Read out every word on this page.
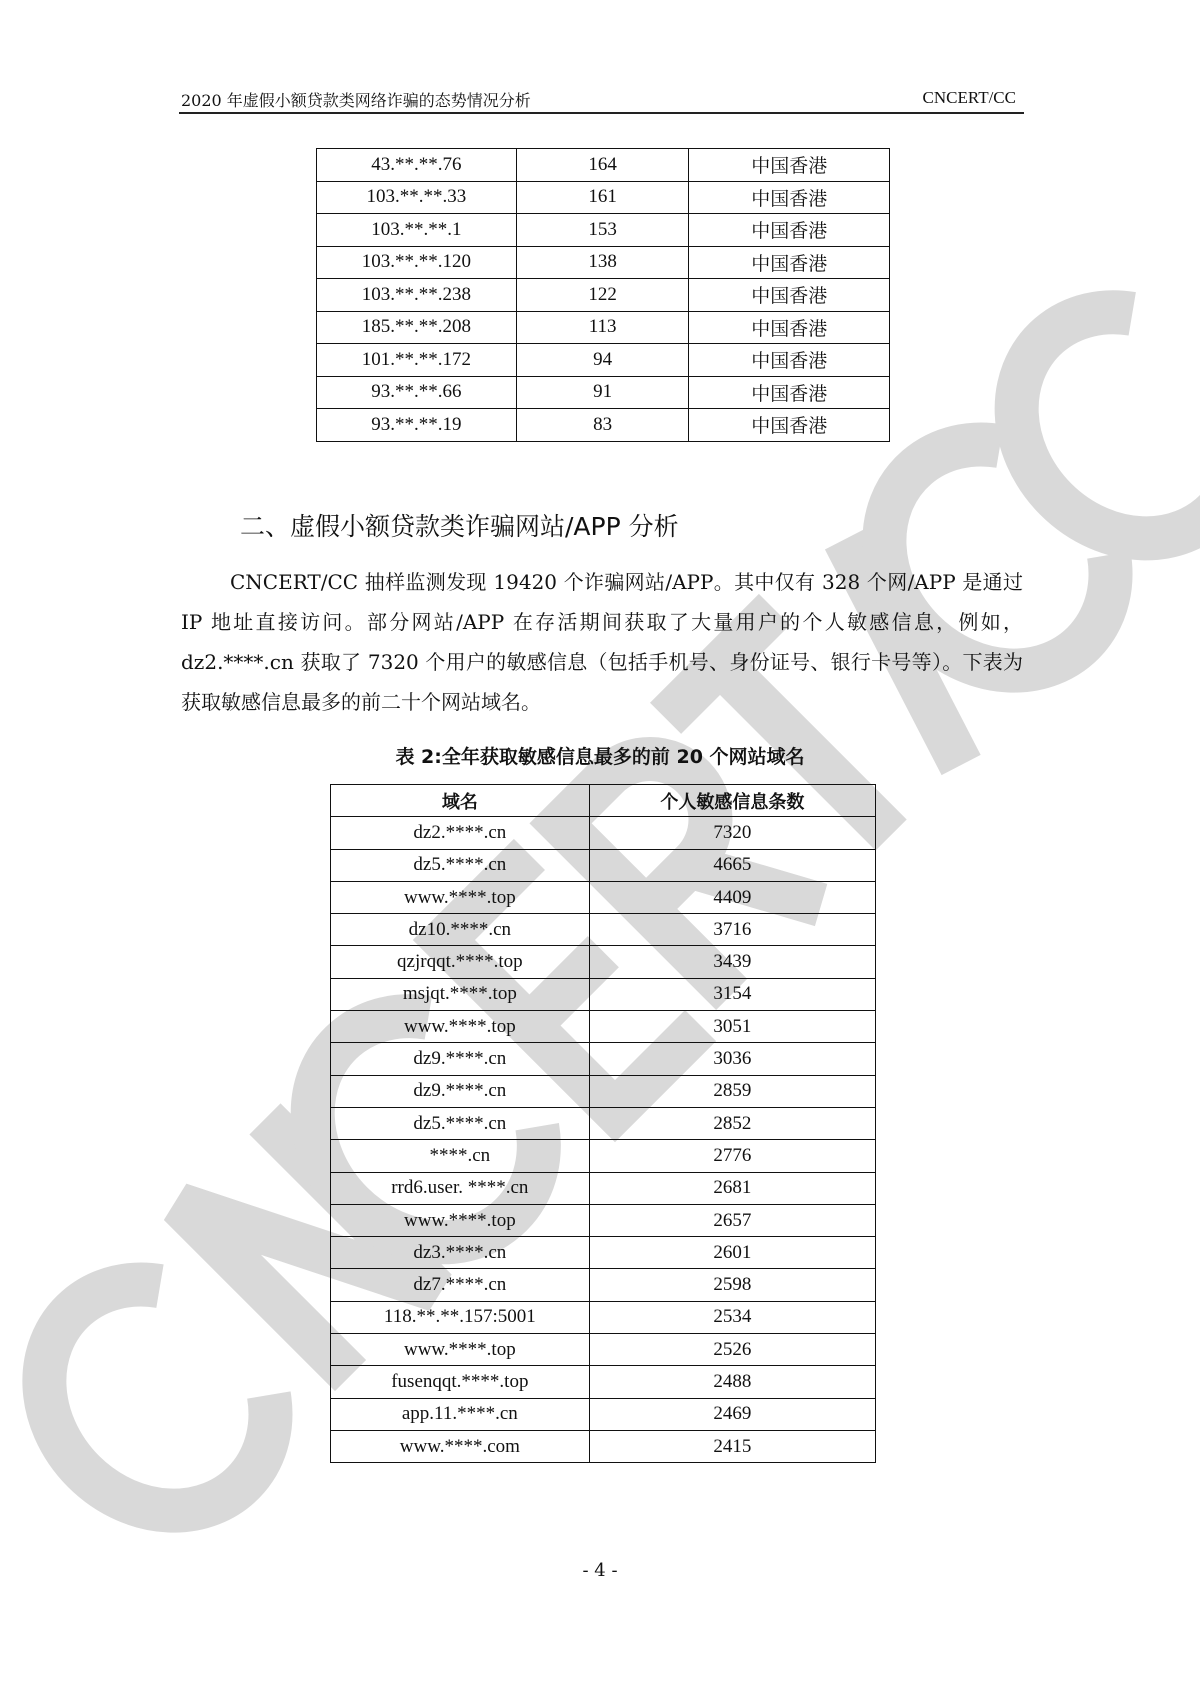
2020 年虚假小额贷款类网络诈骗的态势情况分析	CNCERT/CC
43.**.**.76	164	中国香港
103.**.**.33	161	中国香港
103.**.**.1	153	中国香港
103.**.**.120	138	中国香港
103.**.**.238	122	中国香港
185.**.**.208	113	中国香港
101.**.**.172	94	中国香港
93.**.**.66	91	中国香港
93.**.**.19	83	中国香港
二、虚假小额贷款类诈骗网站/APP 分析
CNCERT/CC 抽样监测发现 19420 个诈骗网站/APP。其中仅有 328 个网/APP 是通过 IP 地址直接访问。部分网站/APP 在存活期间获取了大量用户的个人敏感信息，例如，dz2.****.cn 获取了 7320 个用户的敏感信息（包括手机号、身份证号、银行卡号等）。下表为获取敏感信息最多的前二十个网站域名。
表 2:全年获取敏感信息最多的前 20 个网站域名
域名	个人敏感信息条数
dz2.****.cn	7320
dz5.****.cn	4665
www.****.top	4409
dz10.****.cn	3716
qzjrqqt.****.top	3439
msjqt.****.top	3154
www.****.top	3051
dz9.****.cn	3036
dz9.****.cn	2859
dz5.****.cn	2852
****.cn	2776
rrd6.user. ****.cn	2681
www.****.top	2657
dz3.****.cn	2601
dz7.****.cn	2598
118.**.**.157:5001	2534
www.****.top	2526
fusenqqt.****.top	2488
app.11.****.cn	2469
www.****.com	2415
- 4 -
